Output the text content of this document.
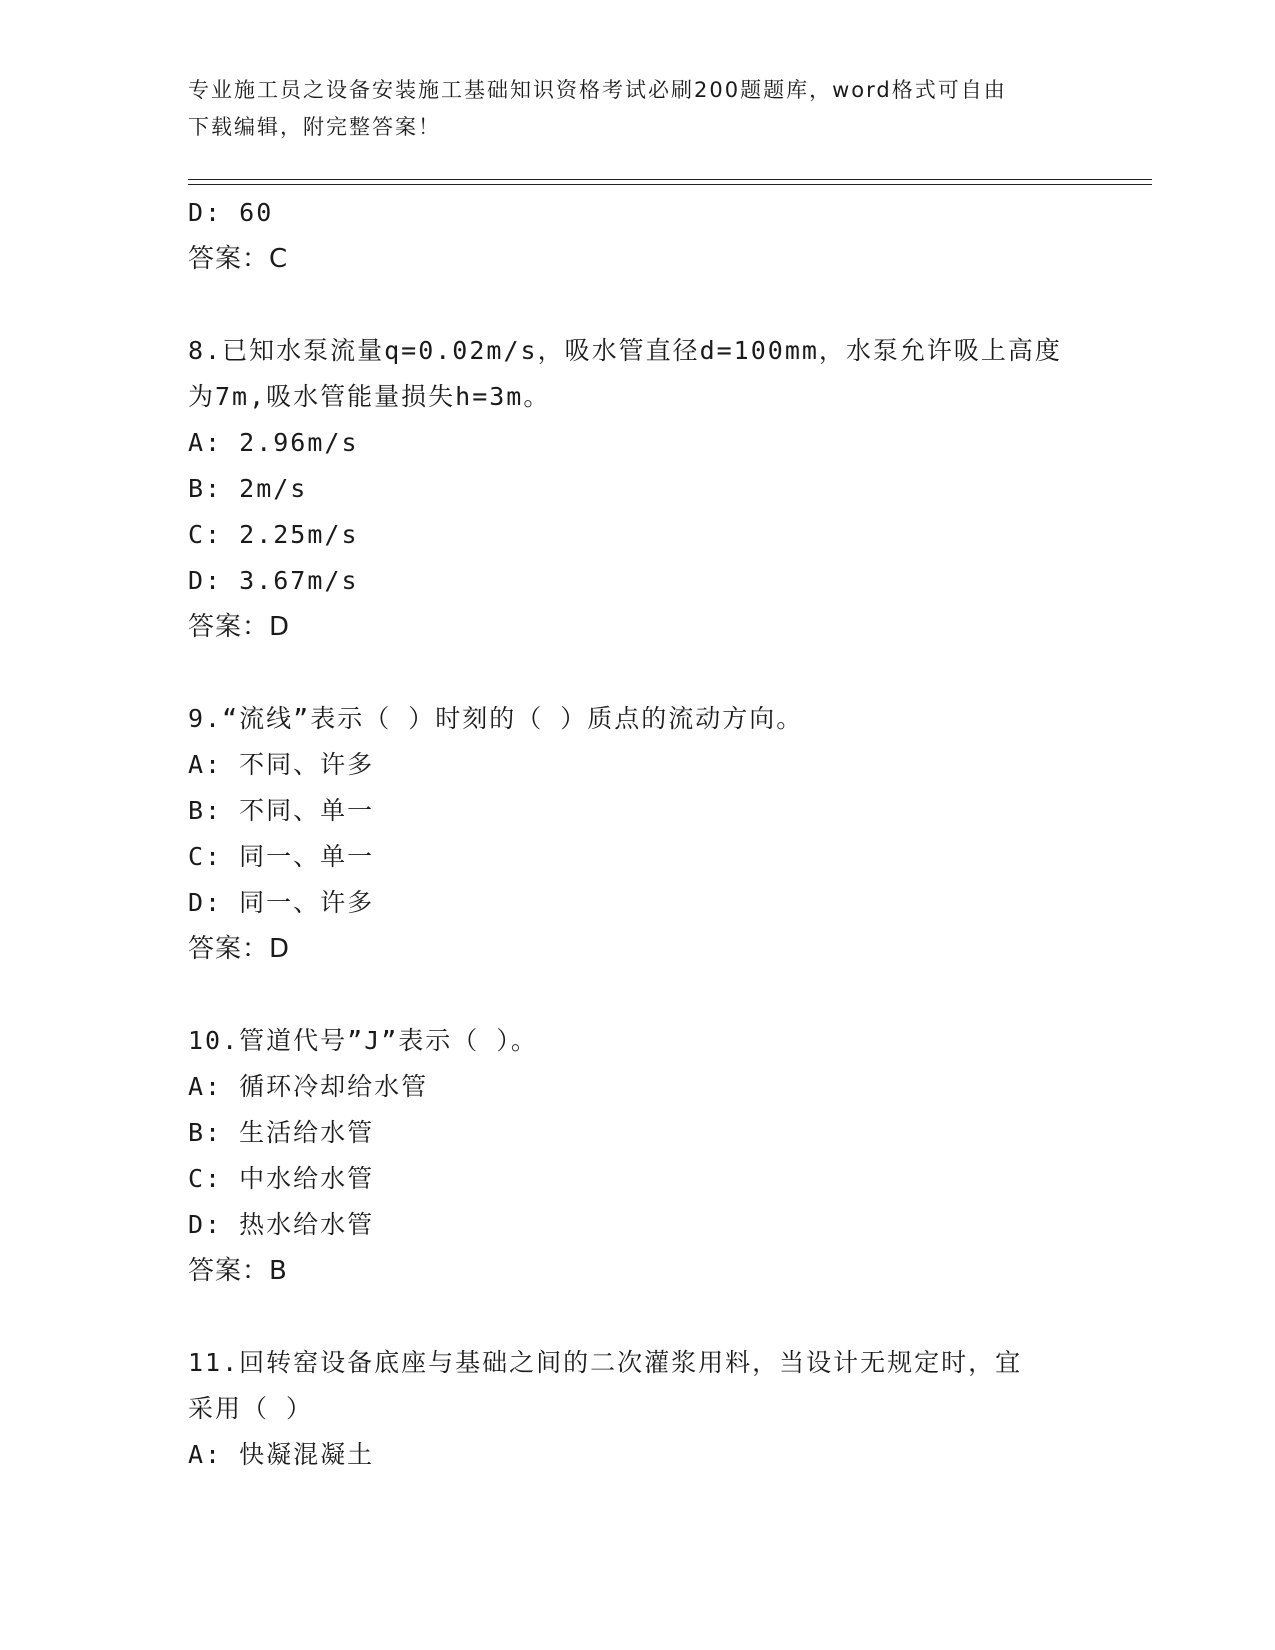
专业施工员之设备安装施工基础知识资格考试必刷200题题库，word格式可自由
下载编辑，附完整答案！
D: 60
答案：C
8.已知水泵流量q=0.02m/s，吸水管直径d=100mm，水泵允许吸上高度
为7m,吸水管能量损失h=3m。
A: 2.96m/s
B: 2m/s
C: 2.25m/s
D: 3.67m/s
答案：D
9.“流线”表示（ ）时刻的（ ）质点的流动方向。
A: 不同、许多
B: 不同、单一
C: 同一、单一
D: 同一、许多
答案：D
10.管道代号”J”表示（ ）。
A: 循环冷却给水管
B: 生活给水管
C: 中水给水管
D: 热水给水管
答案：B
11.回转窑设备底座与基础之间的二次灌浆用料，当设计无规定时，宜
采用（ ）
A: 快凝混凝土
